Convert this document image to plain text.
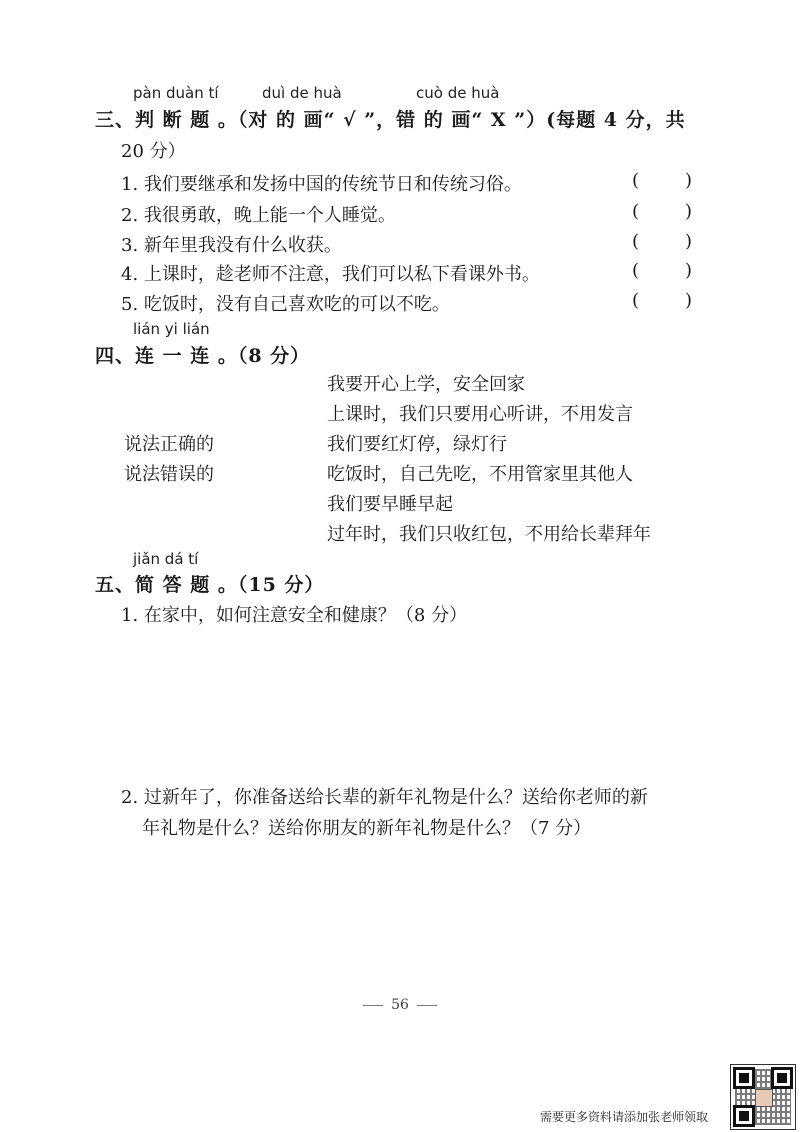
pàn duàn tí	duì de huà	cuò de huà
三、判 断 题 。（对 的 画“ √ ”，错 的 画“ X ”）(每题 4 分，共
20 分）
1. 我们要继承和发扬中国的传统节日和传统习俗。	(	)
2. 我很勇敢，晚上能一个人睡觉。	(	)
3. 新年里我没有什么收获。	(	)
4. 上课时，趁老师不注意，我们可以私下看课外书。	(	)
5. 吃饭时，没有自己喜欢吃的可以不吃。	(	)
lián yi lián
四、连 一 连 。（8 分）
说法正确的
说法错误的
我要开心上学，安全回家
上课时，我们只要用心听讲，不用发言
我们要红灯停，绿灯行
吃饭时，自己先吃，不用管家里其他人
我们要早睡早起
过年时，我们只收红包，不用给长辈拜年
jiǎn dá tí
五、简 答 题 。（15 分）
1. 在家中，如何注意安全和健康？（8 分）
2. 过新年了，你准备送给长辈的新年礼物是什么？送给你老师的新
年礼物是什么？送给你朋友的新年礼物是什么？（7 分）
56
需要更多资料请添加张老师领取
